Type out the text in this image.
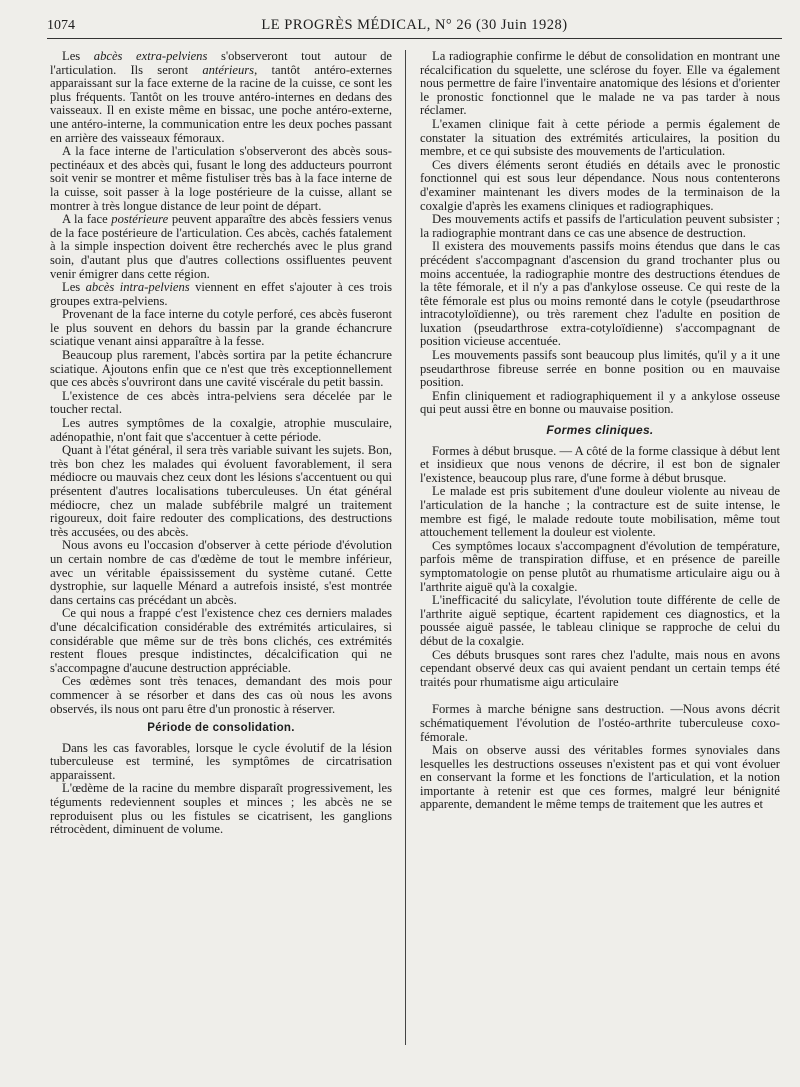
1074	LE PROGRÈS MÉDICAL, N° 26 (30 Juin 1928)

Les abcès extra-pelviens s'observeront tout autour de l'articulation. Ils seront antérieurs, tantôt antéro-externes apparaissant sur la face externe de la racine de la cuisse, ce sont les plus fréquents. Tantôt on les trouve antéro-internes en dedans des vaisseaux. Il en existe même en bissac, une poche antéro-externe, une antéro-interne, la communication entre les deux poches passant en arrière des vaisseaux fémoraux.

A la face interne de l'articulation s'observeront des abcès sous-pectinéaux et des abcès qui, fusant le long des adducteurs pourront soit venir se montrer et même fistuliser très bas à la face interne de la cuisse, soit passer à la loge postérieure de la cuisse, allant se montrer à très longue distance de leur point de départ.

A la face postérieure peuvent apparaître des abcès fessiers venus de la face postérieure de l'articulation. Ces abcès, cachés fatalement à la simple inspection doivent être recherchés avec le plus grand soin, d'autant plus que d'autres collections ossifluentes peuvent venir émigrer dans cette région.

Les abcès intra-pelviens viennent en effet s'ajouter à ces trois groupes extra-pelviens.

Provenant de la face interne du cotyle perforé, ces abcès fuseront le plus souvent en dehors du bassin par la grande échancrure sciatique venant ainsi apparaître à la fesse.

Beaucoup plus rarement, l'abcès sortira par la petite échancrure sciatique. Ajoutons enfin que ce n'est que très exceptionnellement que ces abcès s'ouvriront dans une cavité viscérale du petit bassin.

L'existence de ces abcès intra-pelviens sera décelée par le toucher rectal.

Les autres symptômes de la coxalgie, atrophie musculaire, adénopathie, n'ont fait que s'accentuer à cette période.

Quant à l'état général, il sera très variable suivant les sujets. Bon, très bon chez les malades qui évoluent favorablement, il sera médiocre ou mauvais chez ceux dont les lésions s'accentuent ou qui présentent d'autres localisations tuberculeuses. Un état général médiocre, chez un malade subfébrile malgré un traitement rigoureux, doit faire redouter des complications, des destructions très accusées, ou des abcès.

Nous avons eu l'occasion d'observer à cette période d'évolution un certain nombre de cas d'œdème de tout le membre inférieur, avec un véritable épaississement du système cutané. Cette dystrophie, sur laquelle Ménard a autrefois insisté, s'est montrée dans certains cas précédant un abcès.

Ce qui nous a frappé c'est l'existence chez ces derniers malades d'une décalcification considérable des extrémités articulaires, si considérable que même sur de très bons clichés, ces extrémités restent floues presque indistinctes, décalcification qui ne s'accompagne d'aucune destruction appréciable.

Ces œdèmes sont très tenaces, demandant des mois pour commencer à se résorber et dans des cas où nous les avons observés, ils nous ont paru être d'un pronostic à réserver.

Période de consolidation.

Dans les cas favorables, lorsque le cycle évolutif de la lésion tuberculeuse est terminé, les symptômes de circatrisation apparaissent.

L'œdème de la racine du membre disparaît progressivement, les téguments redeviennent souples et minces ; les abcès ne se reproduisent plus ou les fistules se cicatrisent, les ganglions rétrocèdent, diminuent de volume.

La radiographie confirme le début de consolidation en montrant une récalcification du squelette, une sclérose du foyer. Elle va également nous permettre de faire l'inventaire anatomique des lésions et d'orienter le pronostic fonctionnel que le malade ne va pas tarder à nous réclamer.

L'examen clinique fait à cette période a permis également de constater la situation des extrémités articulaires, la position du membre, et ce qui subsiste des mouvements de l'articulation.

Ces divers éléments seront étudiés en détails avec le pronostic fonctionnel qui est sous leur dépendance. Nous nous contenterons d'examiner maintenant les divers modes de la terminaison de la coxalgie d'après les examens cliniques et radiographiques.

Des mouvements actifs et passifs de l'articulation peuvent subsister ; la radiographie montrant dans ce cas une absence de destruction.

Il existera des mouvements passifs moins étendus que dans le cas précédent s'accompagnant d'ascension du grand trochanter plus ou moins accentuée, la radiographie montre des destructions étendues de la tête fémorale, et il n'y a pas d'ankylose osseuse. Ce qui reste de la tête fémorale est plus ou moins remonté dans le cotyle (pseudarthrose intracotyloïdienne), ou très rarement chez l'adulte en position de luxation (pseudarthrose extra-cotyloïdienne) s'accompagnant de position vicieuse accentuée.

Les mouvements passifs sont beaucoup plus limités, qu'il y a it une pseudarthrose fibreuse serrée en bonne position ou en mauvaise position.

Enfin cliniquement et radiographiquement il y a ankylose osseuse qui peut aussi être en bonne ou mauvaise position.

Formes cliniques.

Formes à début brusque. — A côté de la forme classique à début lent et insidieux que nous venons de décrire, il est bon de signaler l'existence, beaucoup plus rare, d'une forme à début brusque.

Le malade est pris subitement d'une douleur violente au niveau de l'articulation de la hanche ; la contracture est de suite intense, le membre est figé, le malade redoute toute mobilisation, même tout attouchement tellement la douleur est violente.

Ces symptômes locaux s'accompagnent d'évolution de température, parfois même de transpiration diffuse, et en présence de pareille symptomatologie on pense plutôt au rhumatisme articulaire aigu ou à l'arthrite aiguë qu'à la coxalgie.

L'inefficacité du salicylate, l'évolution toute différente de celle de l'arthrite aiguë septique, écartent rapidement ces diagnostics, et la poussée aiguë passée, le tableau clinique se rapproche de celui du début de la coxalgie.

Ces débuts brusques sont rares chez l'adulte, mais nous en avons cependant observé deux cas qui avaient pendant un certain temps été traités pour rhumatisme aigu articulaire

Formes à marche bénigne sans destruction. —Nous avons décrit schématiquement l'évolution de l'ostéo-arthrite tuberculeuse coxo-fémorale.

Mais on observe aussi des véritables formes synoviales dans lesquelles les destructions osseuses n'existent pas et qui vont évoluer en conservant la forme et les fonctions de l'articulation, et la notion importante à retenir est que ces formes, malgré leur bénignité apparente, demandent le même temps de traitement que les autres et
